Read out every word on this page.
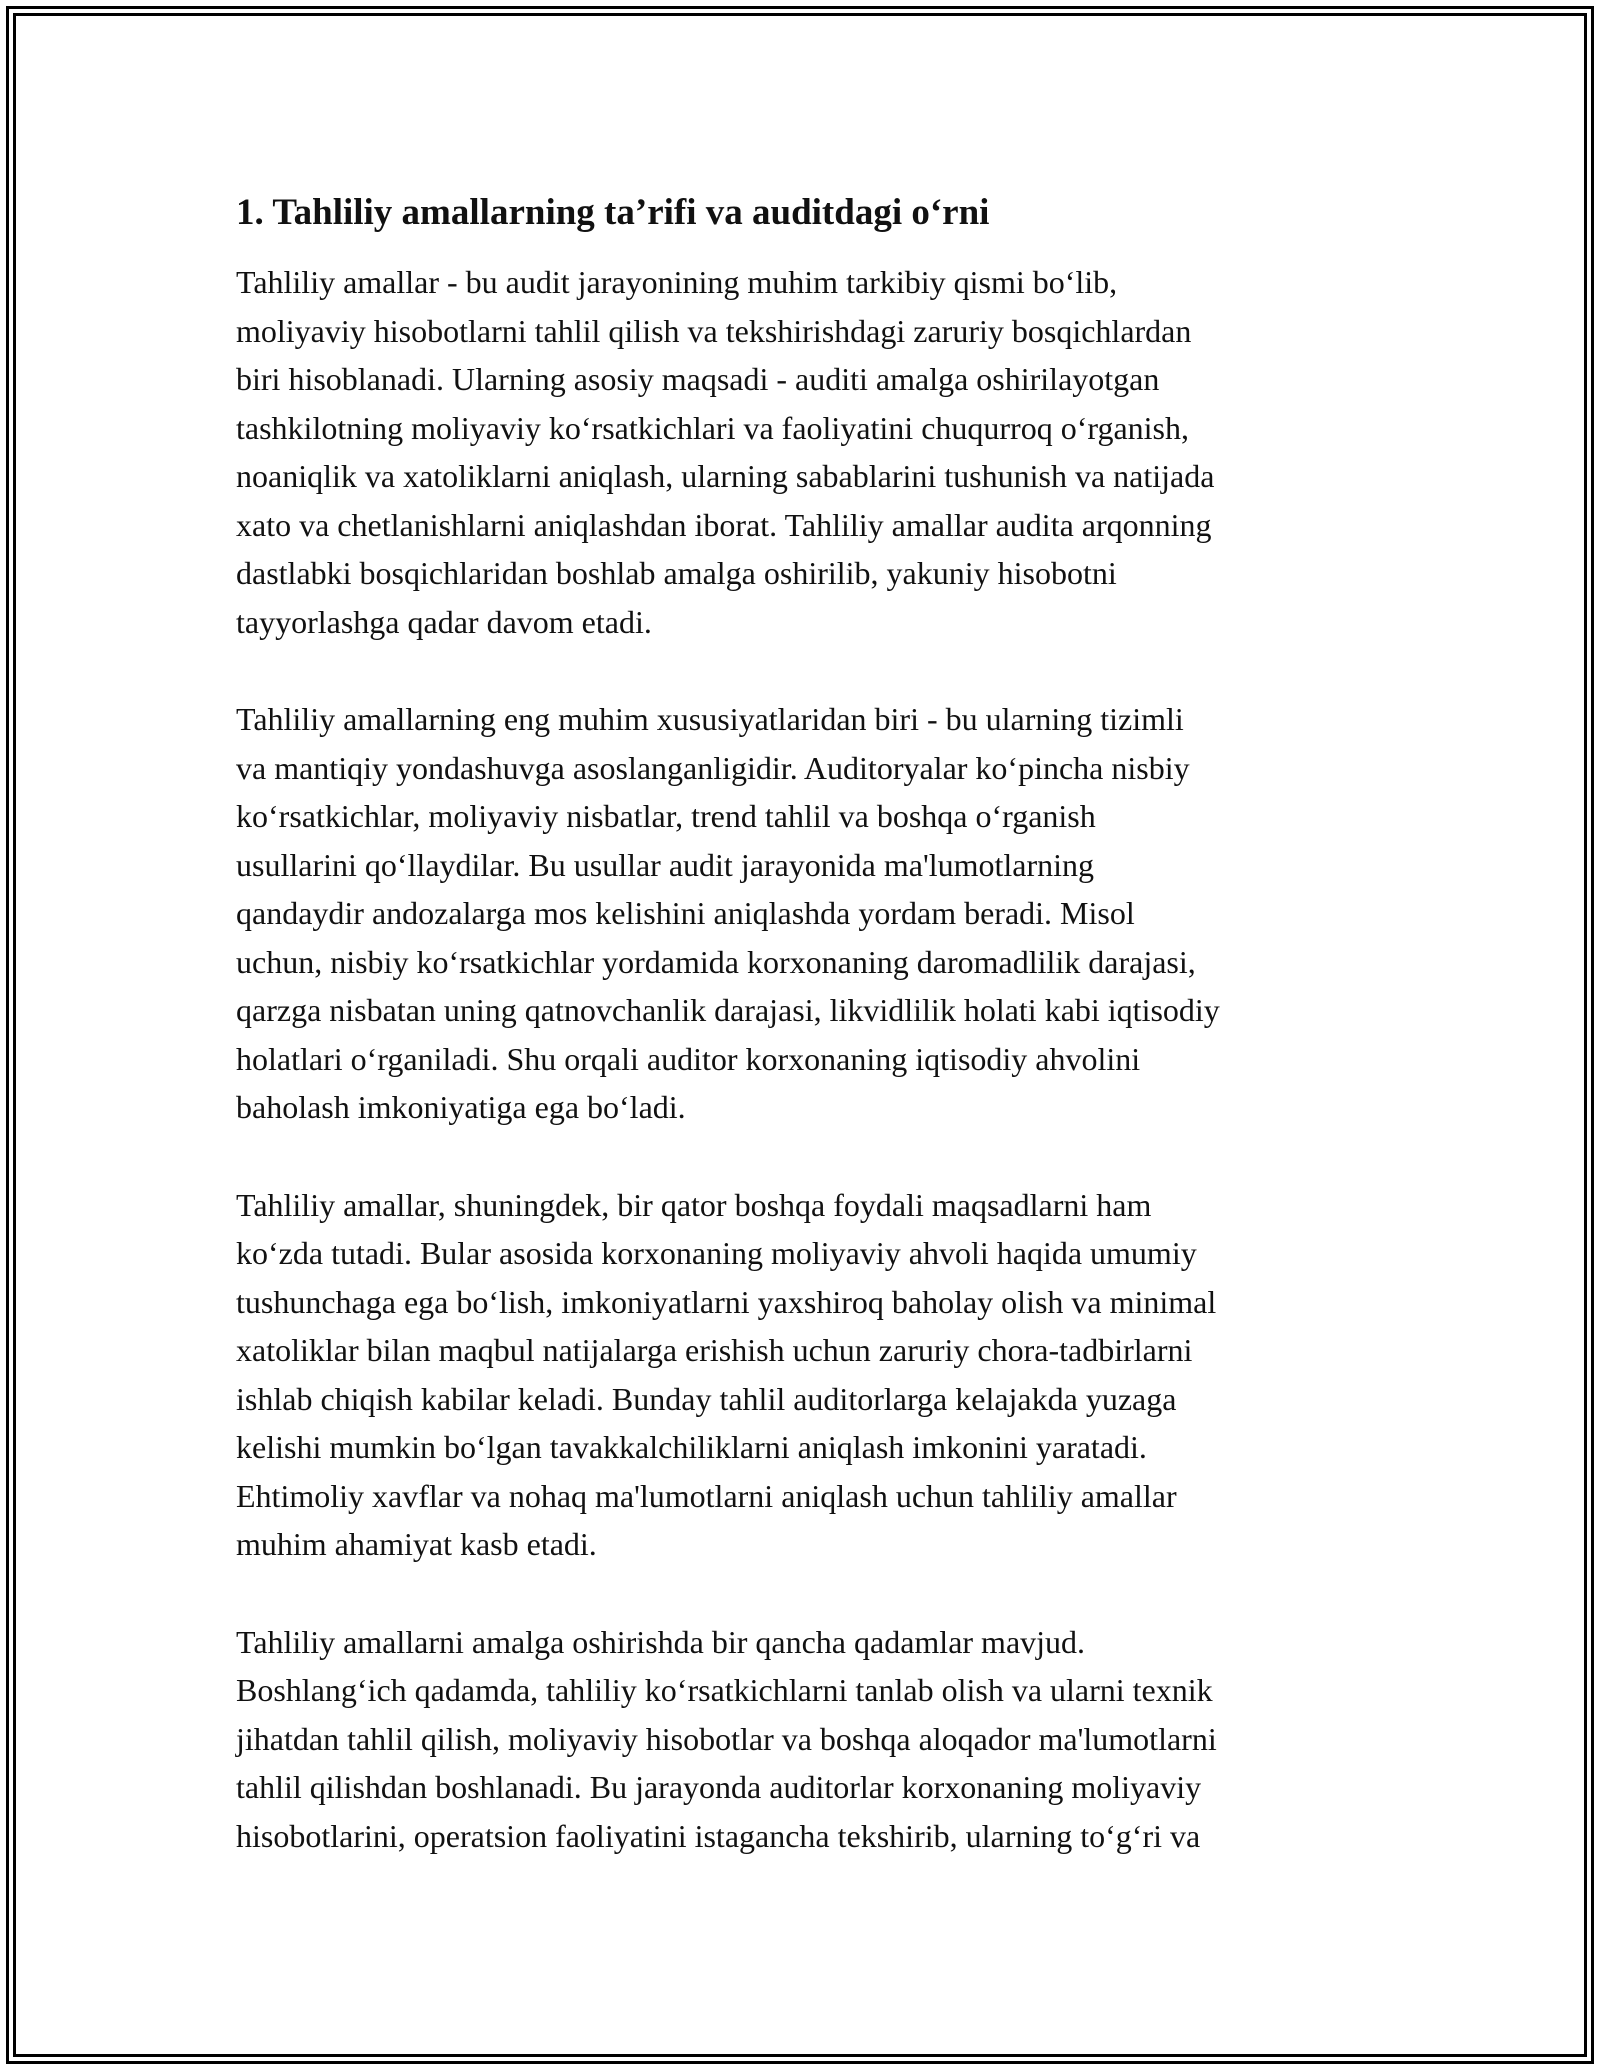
1. Tahliliy amallarning ta’rifi va auditdagi o‘rni

Tahliliy amallar - bu audit jarayonining muhim tarkibiy qismi bo‘lib,
moliyaviy hisobotlarni tahlil qilish va tekshirishdagi zaruriy bosqichlardan
biri hisoblanadi. Ularning asosiy maqsadi - auditi amalga oshirilayotgan
tashkilotning moliyaviy ko‘rsatkichlari va faoliyatini chuqurroq o‘rganish,
noaniqlik va xatoliklarni aniqlash, ularning sabablarini tushunish va natijada
xato va chetlanishlarni aniqlashdan iborat. Tahliliy amallar audita arqonning
dastlabki bosqichlaridan boshlab amalga oshirilib, yakuniy hisobotni
tayyorlashga qadar davom etadi.

Tahliliy amallarning eng muhim xususiyatlaridan biri - bu ularning tizimli
va mantiqiy yondashuvga asoslanganligidir. Auditoryalar ko‘pincha nisbiy
ko‘rsatkichlar, moliyaviy nisbatlar, trend tahlil va boshqa o‘rganish
usullarini qo‘llaydilar. Bu usullar audit jarayonida ma'lumotlarning
qandaydir andozalarga mos kelishini aniqlashda yordam beradi. Misol
uchun, nisbiy ko‘rsatkichlar yordamida korxonaning daromadlilik darajasi,
qarzga nisbatan uning qatnovchanlik darajasi, likvidlilik holati kabi iqtisodiy
holatlari o‘rganiladi. Shu orqali auditor korxonaning iqtisodiy ahvolini
baholash imkoniyatiga ega bo‘ladi.

Tahliliy amallar, shuningdek, bir qator boshqa foydali maqsadlarni ham
ko‘zda tutadi. Bular asosida korxonaning moliyaviy ahvoli haqida umumiy
tushunchaga ega bo‘lish, imkoniyatlarni yaxshiroq baholay olish va minimal
xatoliklar bilan maqbul natijalarga erishish uchun zaruriy chora-tadbirlarni
ishlab chiqish kabilar keladi. Bunday tahlil auditorlarga kelajakda yuzaga
kelishi mumkin bo‘lgan tavakkalchiliklarni aniqlash imkonini yaratadi.
Ehtimoliy xavflar va nohaq ma'lumotlarni aniqlash uchun tahliliy amallar
muhim ahamiyat kasb etadi.

Tahliliy amallarni amalga oshirishda bir qancha qadamlar mavjud.
Boshlang‘ich qadamda, tahliliy ko‘rsatkichlarni tanlab olish va ularni texnik
jihatdan tahlil qilish, moliyaviy hisobotlar va boshqa aloqador ma'lumotlarni
tahlil qilishdan boshlanadi. Bu jarayonda auditorlar korxonaning moliyaviy
hisobotlarini, operatsion faoliyatini istagancha tekshirib, ularning to‘g‘ri va
